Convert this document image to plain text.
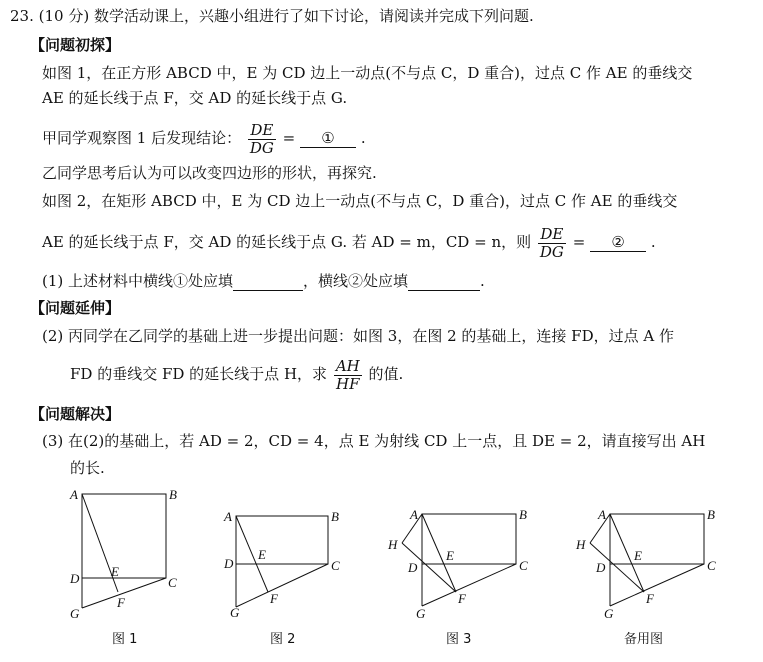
23. (10 分) 数学活动课上，兴趣小组进行了如下讨论，请阅读并完成下列问题.
【问题初探】
如图 1，在正方形 ABCD 中，E 为 CD 边上一动点(不与点 C，D 重合)，过点 C 作 AE 的垂线交
AE 的延长线于点 F，交 AD 的延长线于点 G.
甲同学观察图 1 后发现结论： $\frac{DE}{DG}$ = ① .
乙同学思考后认为可以改变四边形的形状，再探究.
如图 2，在矩形 ABCD 中，E 为 CD 边上一动点(不与点 C，D 重合)，过点 C 作 AE 的垂线交
AE 的延长线于点 F，交 AD 的延长线于点 G. 若 AD = m，CD = n，则 $\frac{DE}{DG}$ = ② .
(1) 上述材料中横线①处应填	，横线②处应填	.
【问题延伸】
(2) 丙同学在乙同学的基础上进一步提出问题：如图 3，在图 2 的基础上，连接 FD，过点 A 作
FD 的垂线交 FD 的延长线于点 H，求 $\frac{AH}{HF}$ 的值.
【问题解决】
(3) 在(2)的基础上，若 AD = 2，CD = 4，点 E 为射线 CD 上一点，且 DE = 2，请直接写出 AH
的长.
A	B
C
D E
F
G
A	B
C
D
E
F
G
A	B
C
D
E
F
G
H
A	B
C
D
E
F
G
H
图 1	图 2	图 3	备用图
